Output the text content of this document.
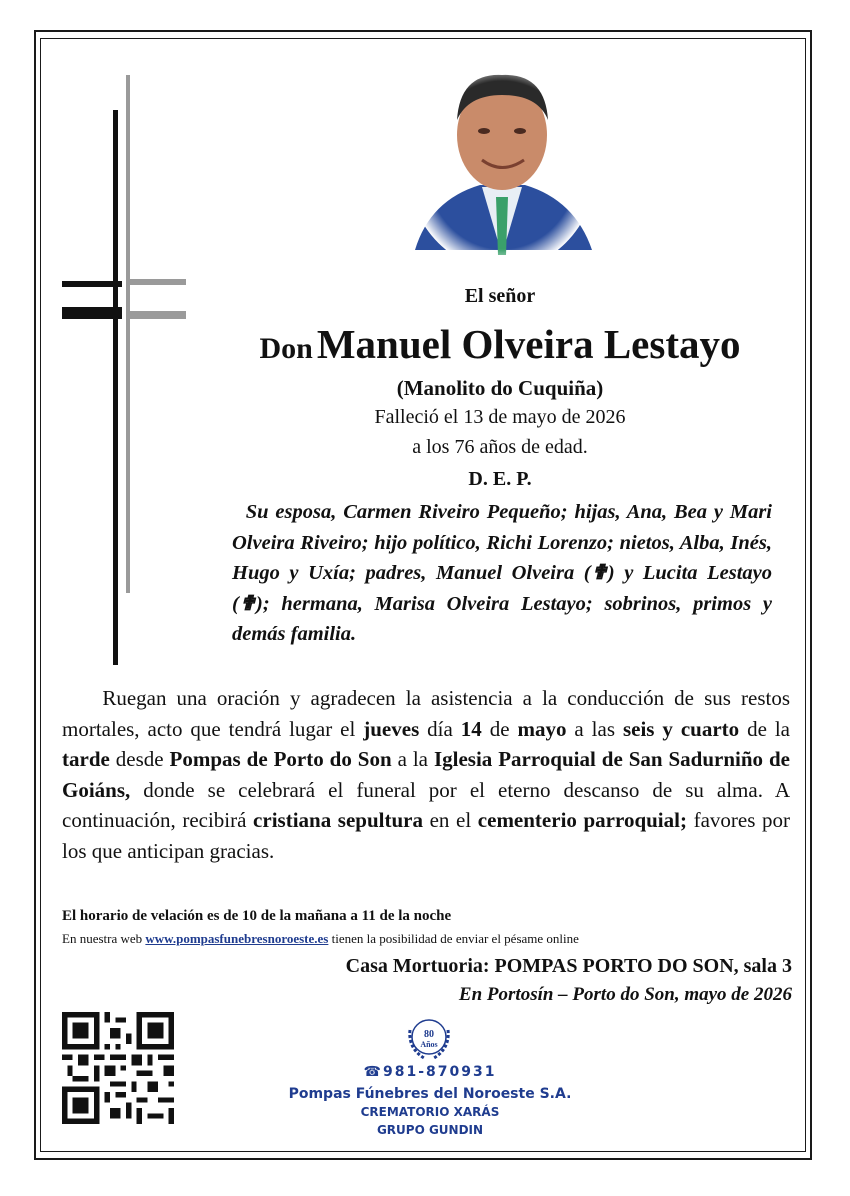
El señor
Don Manuel Olveira Lestayo
(Manolito do Cuquiña)
Falleció el 13 de mayo de 2026
a los 76 años de edad.
D. E. P.
Su esposa, Carmen Riveiro Pequeño; hijas, Ana, Bea y Mari Olveira Riveiro; hijo político, Richi Lorenzo; nietos, Alba, Inés, Hugo y Uxía; padres, Manuel Olveira (✟) y Lucita Lestayo (✟); hermana, Marisa Olveira Lestayo; sobrinos, primos y demás familia.
Ruegan una oración y agradecen la asistencia a la conducción de sus restos mortales, acto que tendrá lugar el jueves día 14 de mayo a las seis y cuarto de la tarde desde Pompas de Porto do Son a la Iglesia Parroquial de San Sadurniño de Goiáns, donde se celebrará el funeral por el eterno descanso de su alma. A continuación, recibirá cristiana sepultura en el cementerio parroquial; favores por los que anticipan gracias.
El horario de velación es de 10 de la mañana a 11 de la noche
En nuestra web www.pompasfunebresnoroeste.es tienen la posibilidad de enviar el pésame online
Casa Mortuoria: POMPAS PORTO DO SON, sala 3
En Portosín – Porto do Son, mayo de 2026
80
Años
☎981-870931
Pompas Fúnebres del Noroeste S.A.
CREMATORIO XARÁS
GRUPO GUNDIN
